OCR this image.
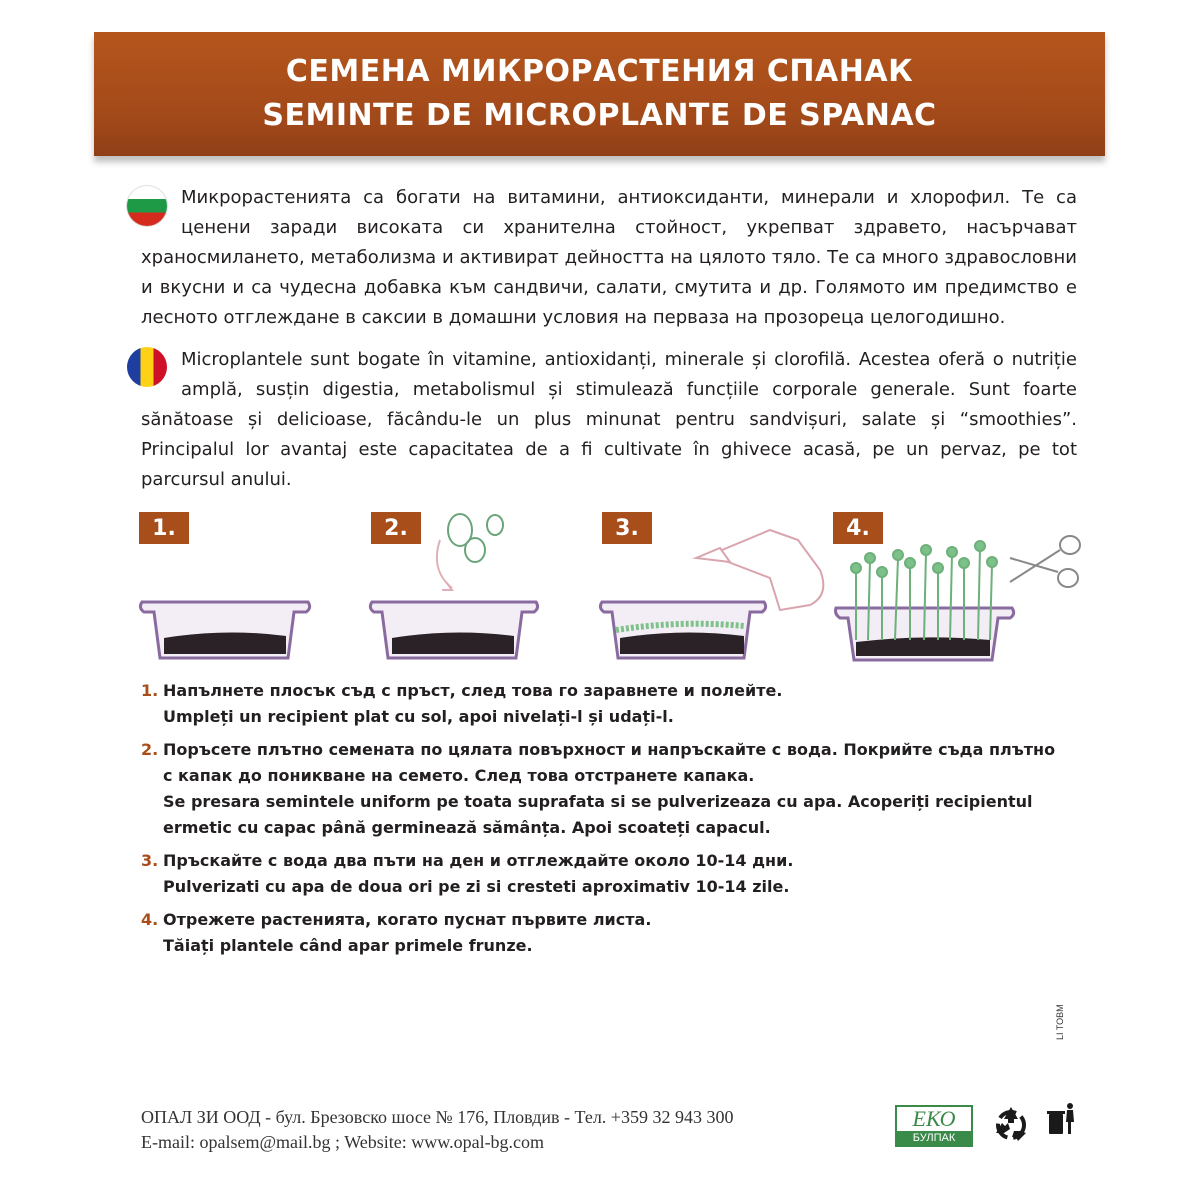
СЕМЕНА МИКРОРАСТЕНИЯ СПАНАК
SEMINTE DE MICROPLANTE DE SPANAC

Микрорастенията са богати на витамини, антиоксиданти, минерали и хлорофил. Те са ценени заради високата си хранителна стойност, укрепват здравето, насърчават храносмилането, метаболизма и активират дейността на цялото тяло. Те са много здравословни и вкусни и са чудесна добавка към сандвичи, салати, смутита и др. Голямото им предимство е лесното отглеждане в саксии в домашни условия на перваза на прозореца целогодишно.

Microplantele sunt bogate în vitamine, antioxidanți, minerale și clorofilă. Acestea oferă o nutriție amplă, susțin digestia, metabolismul și stimulează funcțiile corporale generale. Sunt foarte sănătoase și delicioase, făcându-le un plus minunat pentru sandvișuri, salate și “smoothies”. Principalul lor avantaj este capacitatea de a fi cultivate în ghivece acasă, pe un pervaz, pe tot parcursul anului.

1.	2.	3.	4.
1. Напълнете плосък съд с пръст, след това го заравнете и полейте.
Umpleți un recipient plat cu sol, apoi nivelați-l și udați-l.
2. Поръсете плътно семената по цялата повърхност и напръскайте с вода. Покрийте съда плътно
с капак до поникване на семето. След това отстранете капака.
Se presara semintele uniform pe toata suprafata si se pulverizeaza cu apa. Acoperiți recipientul
ermetic cu capac până germinează sămânța. Apoi scoateți capacul.
3. Пръскайте с вода два пъти на ден и отглеждайте около 10-14 дни.
Pulverizati cu apa de doua ori pe zi si cresteti aproximativ 10-14 zile.
4. Отрежете растенията, когато пуснат първите листа.
Tăiați plantele când apar primele frunze.
LI TOBM
ОПАЛ ЗИ ООД - бул. Брезовско шосе № 176, Пловдив - Тел. +359 32 943 300
E-mail: opalsem@mail.bg ; Website: www.opal-bg.com
ЕКО
БУЛПАК
